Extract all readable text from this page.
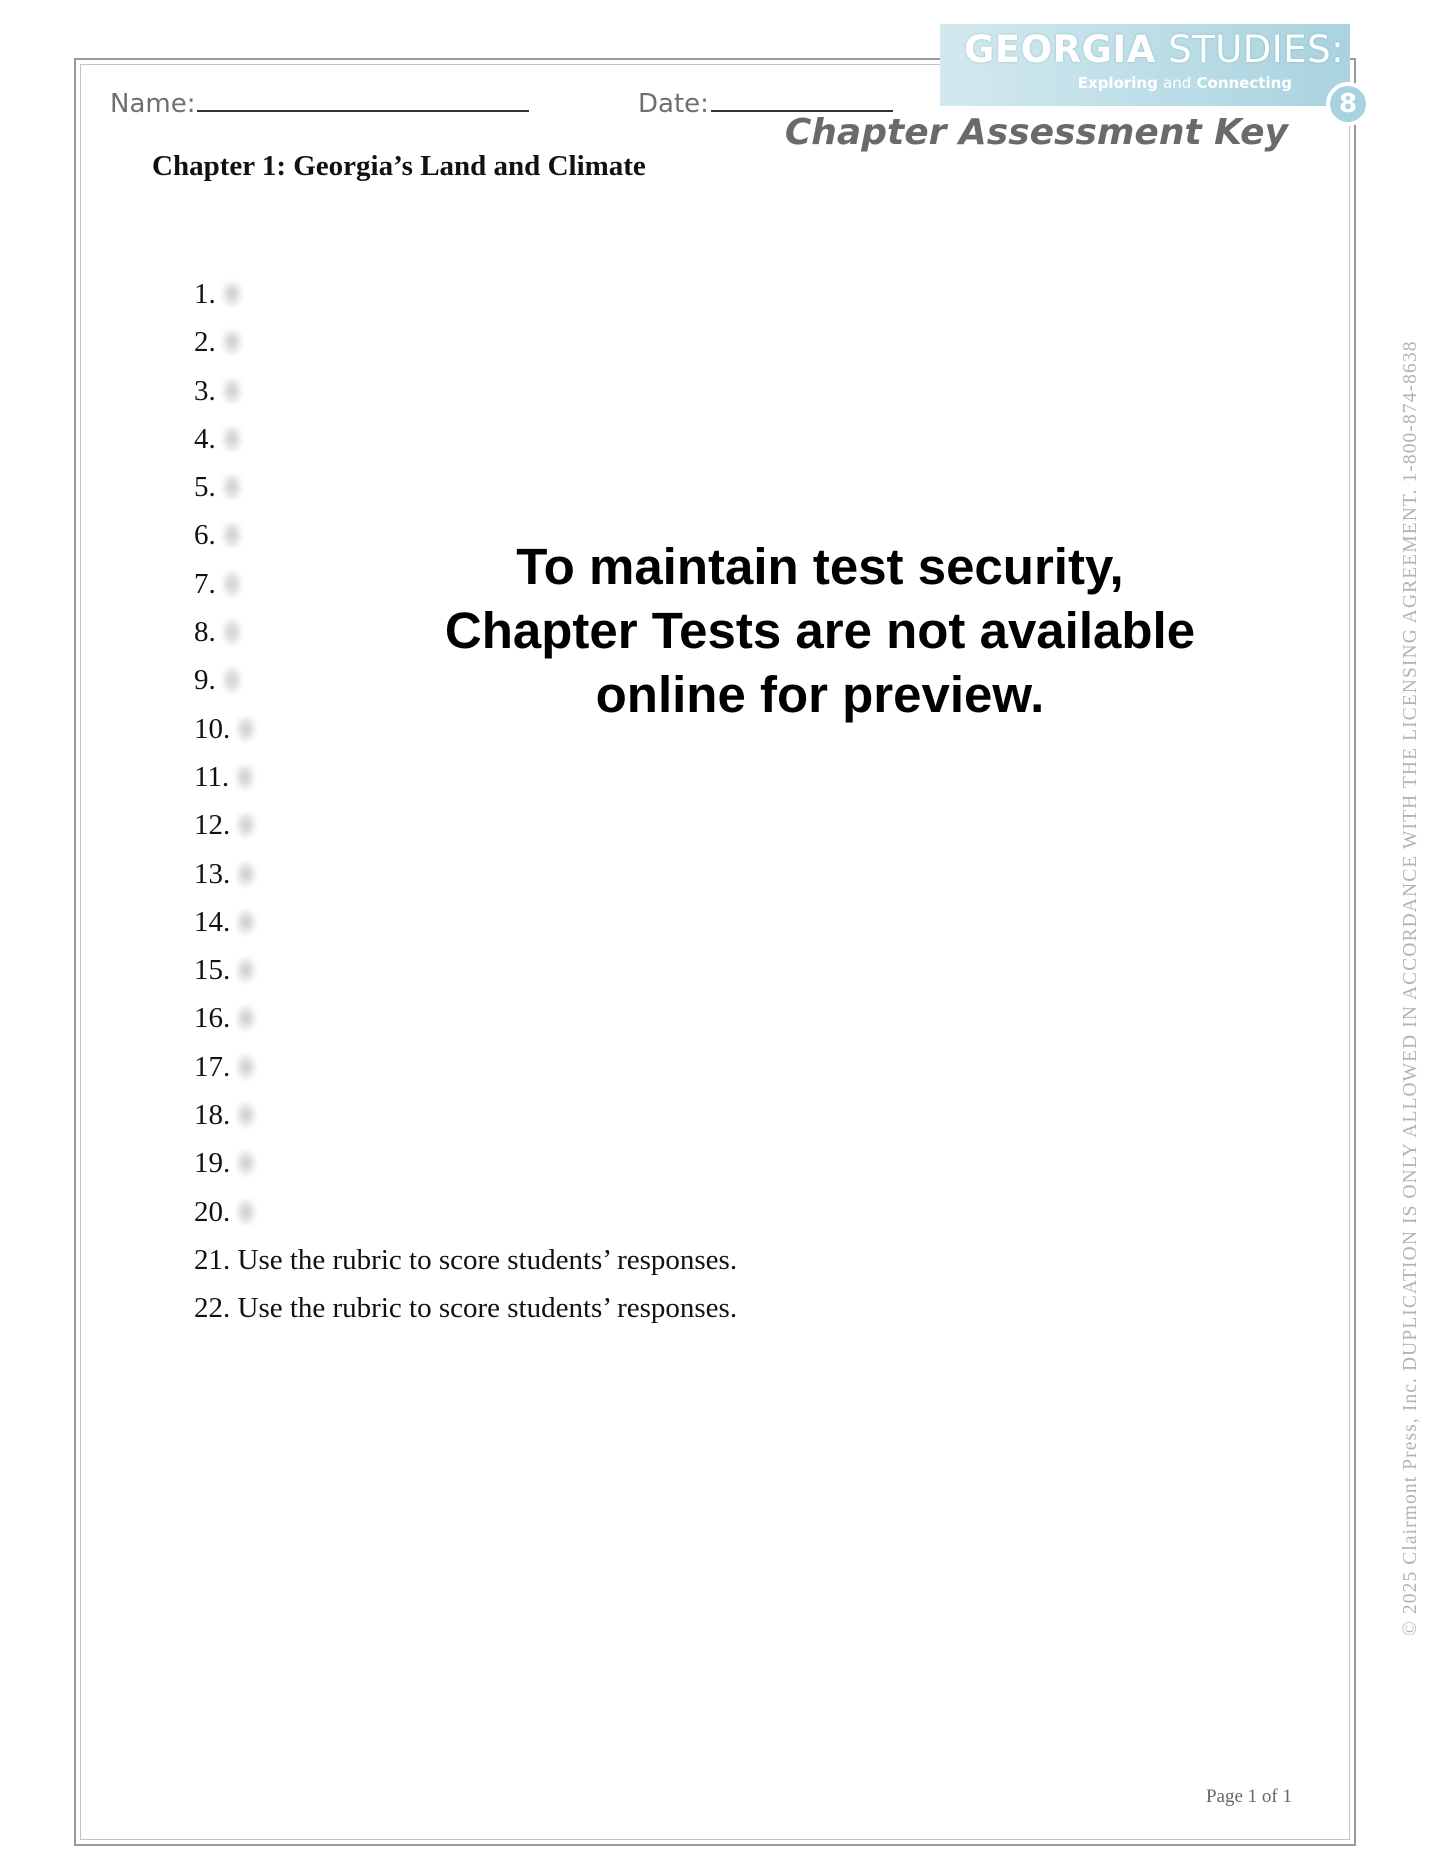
GEORGIA STUDIES:
Exploring and Connecting
8
Chapter Assessment Key
Name:	Date:
Chapter 1: Georgia’s Land and Climate
1.
2.
3.
4.
5.
6.
7.
8.
9.
10.
11.
12.
13.
14.
15.
16.
17.
18.
19.
20.
21. Use the rubric to score students’ responses.
22. Use the rubric to score students’ responses.
To maintain test security,
Chapter Tests are not available
online for preview.	© 2025 Clairmont Press, Inc. DUPLICATION IS ONLY ALLOWED IN ACCORDANCE WITH THE LICENSING AGREEMENT. 1-800-874-8638
Page 1 of 1
